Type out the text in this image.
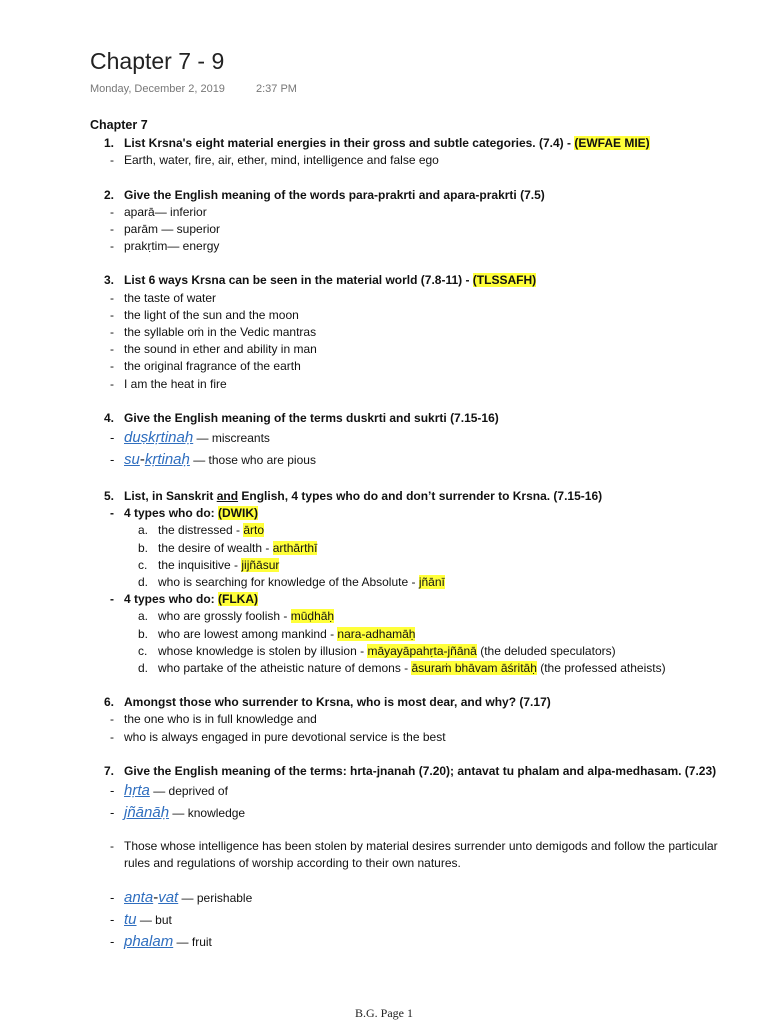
Chapter 7 - 9
Monday, December 2, 2019	2:37 PM
Chapter 7
1. List Krsna's eight material energies in their gross and subtle categories. (7.4) - (EWFAE MIE)
- Earth, water, fire, air, ether, mind, intelligence and false ego
2. Give the English meaning of the words para-prakrti and apara-prakrti (7.5)
- aparā— inferior
- parām — superior
- prakṛtim— energy
3. List 6 ways Krsna can be seen in the material world (7.8-11) - (TLSSAFH)
- the taste of water
- the light of the sun and the moon
- the syllable oṁ in the Vedic mantras
- the sound in ether and ability in man
- the original fragrance of the earth
- I am the heat in fire
4. Give the English meaning of the terms duskrti and sukrti (7.15-16)
- duṣkṛtinaḥ — miscreants
- su-kṛtinaḥ — those who are pious
5. List, in Sanskrit and English, 4 types who do and don’t surrender to Krsna. (7.15-16)
- 4 types who do: (DWIK)
a. the distressed - ārto
b. the desire of wealth - arthārthī
c. the inquisitive - jijñāsur
d. who is searching for knowledge of the Absolute - jñānī
- 4 types who do: (FLKA)
a. who are grossly foolish - mūḍhāḥ
b. who are lowest among mankind - nara-adhamāḥ
c. whose knowledge is stolen by illusion - māyayāpahṛta-jñānā (the deluded speculators)
d. who partake of the atheistic nature of demons - āsuraṁ bhāvam āśritāḥ (the professed atheists)
6. Amongst those who surrender to Krsna, who is most dear, and why? (7.17)
- the one who is in full knowledge and
- who is always engaged in pure devotional service is the best
7. Give the English meaning of the terms: hrta-jnanah (7.20); antavat tu phalam and alpa-medhasam. (7.23)
- hṛta — deprived of
- jñānāḥ — knowledge
- Those whose intelligence has been stolen by material desires surrender unto demigods and follow the particular rules and regulations of worship according to their own natures.
- anta-vat — perishable
- tu — but
- phalam — fruit
B.G. Page 1
